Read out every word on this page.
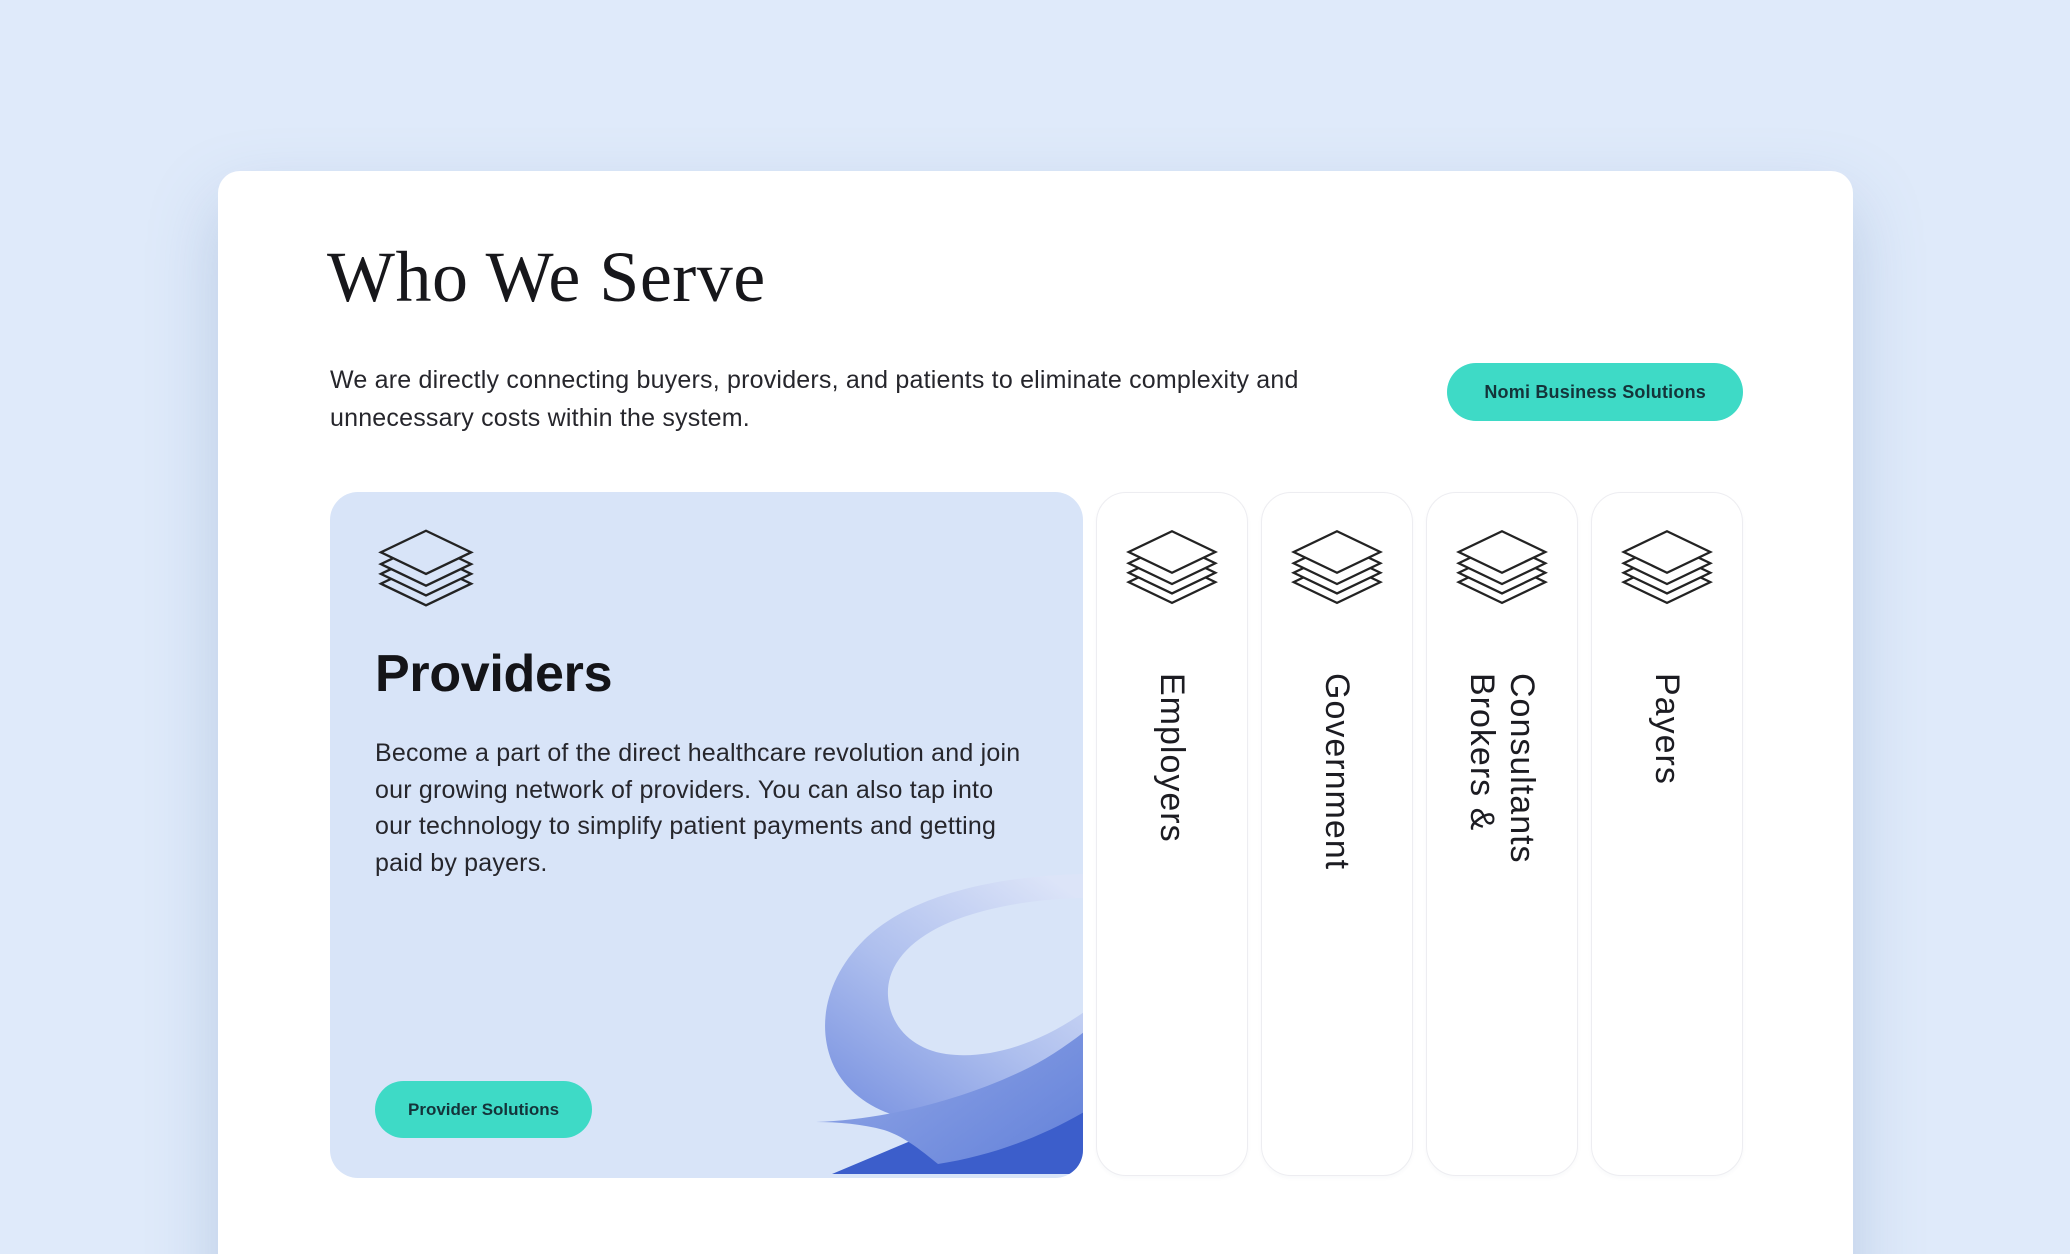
Who We Serve

We are directly connecting buyers, providers, and patients to eliminate complexity and unnecessary costs within the system.

Nomi Business Solutions
Providers

Become a part of the direct healthcare revolution and join our growing network of providers. You can also tap into our technology to simplify patient payments and getting paid by payers.

Provider Solutions
Employers	Government	Brokers & Consultants	Payers
